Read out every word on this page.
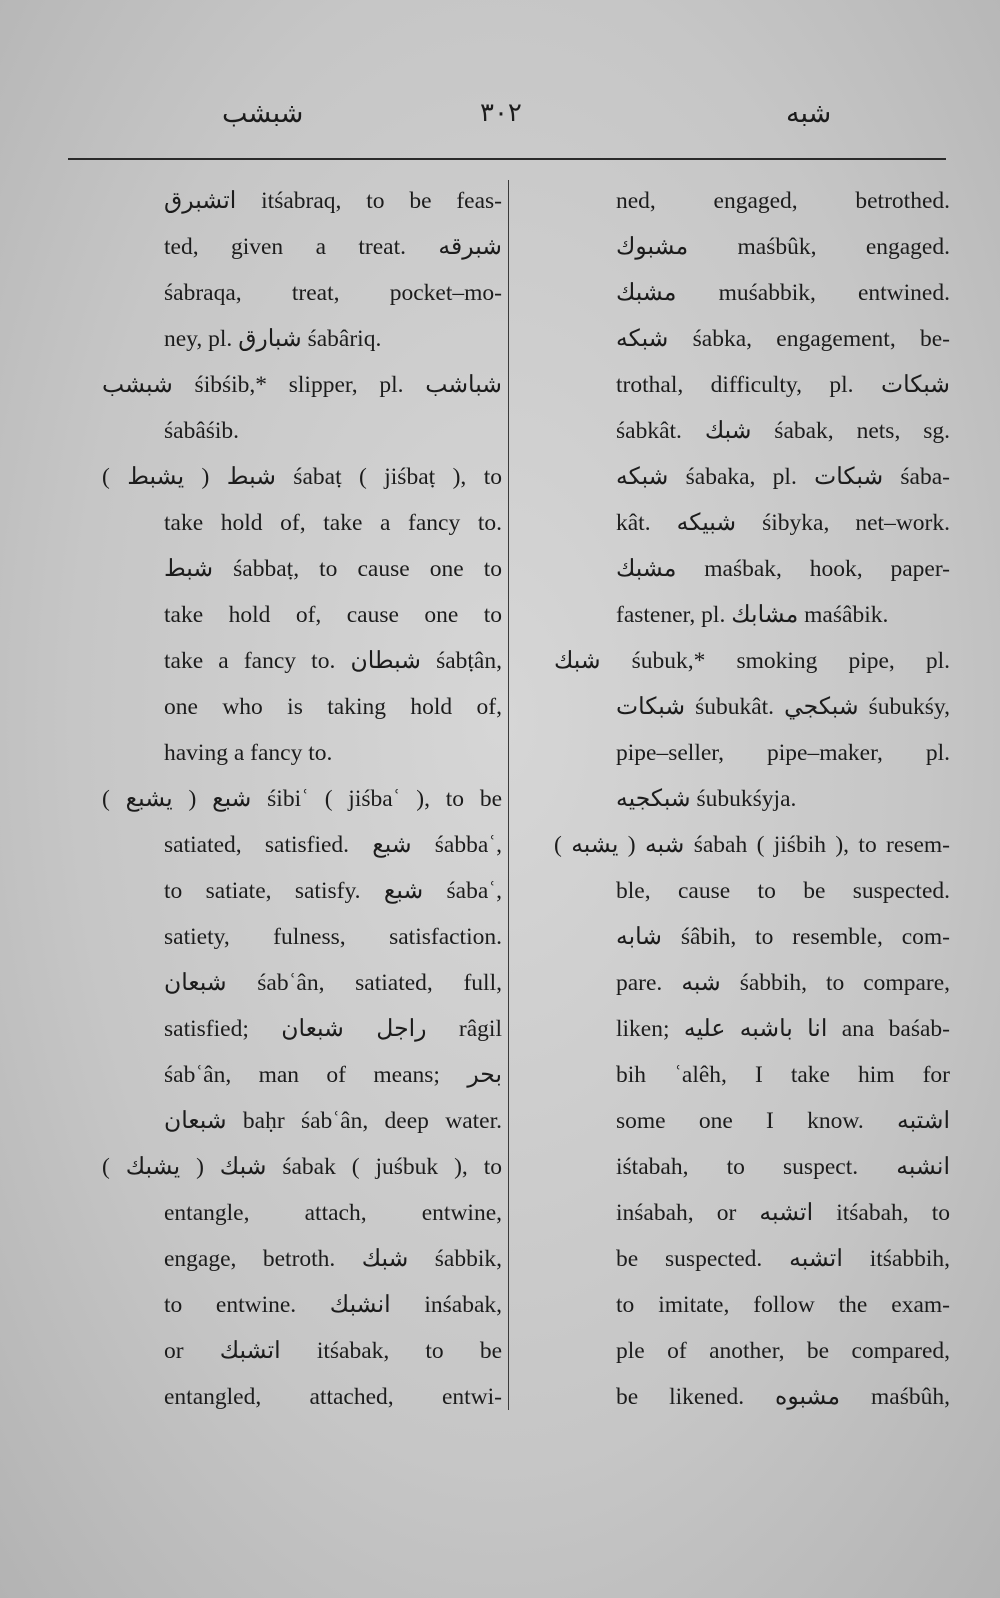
شبشب	٣٠٢	شبه
اتشبرق itśabraq, to be feas-
ted, given a treat. شبرقه
śabraqa, treat, pocket–mo-
ney, pl. شبارق śabâriq.
شبشب śibśib,* slipper, pl. شباشب
śabâśib.
شبط ( يشبط ) śabaṭ ( jiśbaṭ ), to
take hold of, take a fancy to.
شبط śabbaṭ, to cause one to
take hold of, cause one to
take a fancy to. شبطان śabṭân,
one who is taking hold of,
having a fancy to.
شبع ( يشبع ) śibiʿ ( jiśbaʿ ), to be
satiated, satisfied. شبع śabbaʿ,
to satiate, satisfy. شبع śabaʿ,
satiety, fulness, satisfaction.
شبعان śabʿân, satiated, full,
satisfied; راجل شبعان râgil
śabʿân, man of means; بحر
شبعان baḥr śabʿân, deep water.
شبك ( يشبك ) śabak ( juśbuk ), to
entangle, attach, entwine,
engage, betroth. شبك śabbik,
to entwine. انشبك inśabak,
or اتشبك itśabak, to be
entangled, attached, entwi-
ned, engaged, betrothed.
مشبوك maśbûk, engaged.
مشبك muśabbik, entwined.
شبكه śabka, engagement, be-
trothal, difficulty, pl. شبكات
śabkât. شبك śabak, nets, sg.
شبكه śabaka, pl. شبكات śaba-
kât. شبيكه śibyka, net–work.
مشبك maśbak, hook, paper-
fastener, pl. مشابك maśâbik.
شبك śubuk,* smoking pipe, pl.
شبكات śubukât. شبكجي śubukśy,
pipe–seller, pipe–maker, pl.
شبكجيه śubukśyja.
شبه ( يشبه ) śabah ( jiśbih ), to resem-
ble, cause to be suspected.
شابه śâbih, to resemble, com-
pare. شبه śabbih, to compare,
liken; انا باشبه عليه ana baśab-
bih ʿalêh, I take him for
some one I know. اشتبه
iśtabah, to suspect. انشبه
inśabah, or اتشبه itśabah, to
be suspected. اتشبه itśabbih,
to imitate, follow the exam-
ple of another, be compared,
be likened. مشبوه maśbûh,
